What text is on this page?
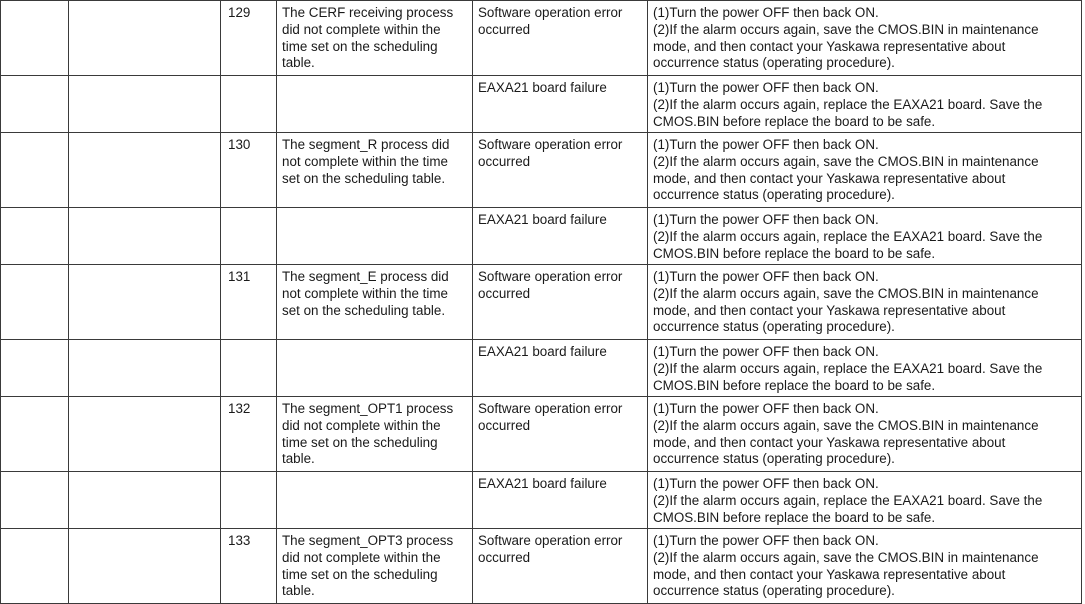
		129	The CERF receiving process
did not complete within the
time set on the scheduling
table.	Software operation error
occurred	(1)Turn the power OFF then back ON.
(2)If the alarm occurs again, save the CMOS.BIN in maintenance
mode, and then contact your Yaskawa representative about
occurrence status (operating procedure).

				EAXA21 board failure	(1)Turn the power OFF then back ON.
(2)If the alarm occurs again, replace the EAXA21 board. Save the
CMOS.BIN before replace the board to be safe.

		130	The segment_R process did
not complete within the time
set on the scheduling table.	Software operation error
occurred	(1)Turn the power OFF then back ON.
(2)If the alarm occurs again, save the CMOS.BIN in maintenance
mode, and then contact your Yaskawa representative about
occurrence status (operating procedure).

				EAXA21 board failure	(1)Turn the power OFF then back ON.
(2)If the alarm occurs again, replace the EAXA21 board. Save the
CMOS.BIN before replace the board to be safe.

		131	The segment_E process did
not complete within the time
set on the scheduling table.	Software operation error
occurred	(1)Turn the power OFF then back ON.
(2)If the alarm occurs again, save the CMOS.BIN in maintenance
mode, and then contact your Yaskawa representative about
occurrence status (operating procedure).

				EAXA21 board failure	(1)Turn the power OFF then back ON.
(2)If the alarm occurs again, replace the EAXA21 board. Save the
CMOS.BIN before replace the board to be safe.

		132	The segment_OPT1 process
did not complete within the
time set on the scheduling
table.	Software operation error
occurred	(1)Turn the power OFF then back ON.
(2)If the alarm occurs again, save the CMOS.BIN in maintenance
mode, and then contact your Yaskawa representative about
occurrence status (operating procedure).

				EAXA21 board failure	(1)Turn the power OFF then back ON.
(2)If the alarm occurs again, replace the EAXA21 board. Save the
CMOS.BIN before replace the board to be safe.

		133	The segment_OPT3 process
did not complete within the
time set on the scheduling
table.	Software operation error
occurred	(1)Turn the power OFF then back ON.
(2)If the alarm occurs again, save the CMOS.BIN in maintenance
mode, and then contact your Yaskawa representative about
occurrence status (operating procedure).
